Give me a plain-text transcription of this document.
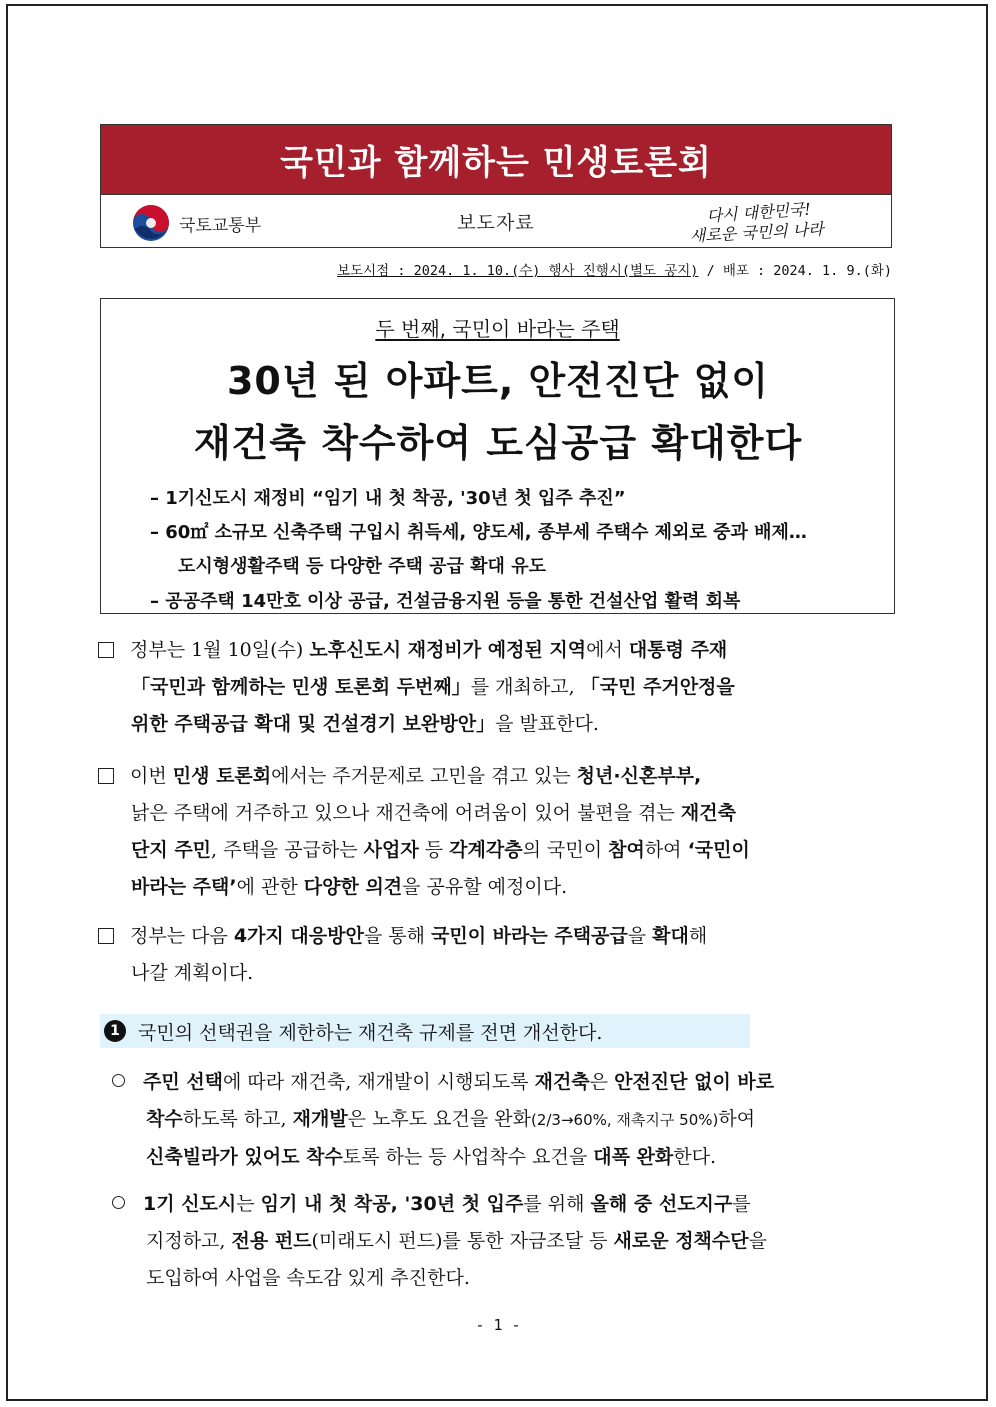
국민과 함께하는 민생토론회
국토교통부	보도자료	다시 대한민국!
새로운 국민의 나라
보도시점 : 2024. 1. 10.(수) 행사 진행시(별도 공지) / 배포 : 2024. 1. 9.(화)
두 번째, 국민이 바라는 주택
30년 된 아파트, 안전진단 없이
재건축 착수하여 도심공급 확대한다
– 1기신도시 재정비 “임기 내 첫 착공, '30년 첫 입주 추진”
– 60㎡ 소규모 신축주택 구입시 취득세, 양도세, 종부세 주택수 제외로 중과 배제…
도시형생활주택 등 다양한 주택 공급 확대 유도
– 공공주택 14만호 이상 공급, 건설금융지원 등을 통한 건설산업 활력 회복
정부는 1월 10일(수) 노후신도시 재정비가 예정된 지역에서 대통령 주재
「국민과 함께하는 민생 토론회 두번째」를 개최하고, 「국민 주거안정을
위한 주택공급 확대 및 건설경기 보완방안」을 발표한다.
이번 민생 토론회에서는 주거문제로 고민을 겪고 있는 청년·신혼부부,
낡은 주택에 거주하고 있으나 재건축에 어려움이 있어 불편을 겪는 재건축
단지 주민, 주택을 공급하는 사업자 등 각계각층의 국민이 참여하여 ‘국민이
바라는 주택’에 관한 다양한 의견을 공유할 예정이다.
정부는 다음 4가지 대응방안을 통해 국민이 바라는 주택공급을 확대해
나갈 계획이다.
1 국민의 선택권을 제한하는 재건축 규제를 전면 개선한다.
주민 선택에 따라 재건축, 재개발이 시행되도록 재건축은 안전진단 없이 바로
착수하도록 하고, 재개발은 노후도 요건을 완화(2/3→60%, 재촉지구 50%)하여
신축빌라가 있어도 착수토록 하는 등 사업착수 요건을 대폭 완화한다.
1기 신도시는 임기 내 첫 착공, '30년 첫 입주를 위해 올해 중 선도지구를
지정하고, 전용 펀드(미래도시 펀드)를 통한 자금조달 등 새로운 정책수단을
도입하여 사업을 속도감 있게 추진한다.
- 1 -
